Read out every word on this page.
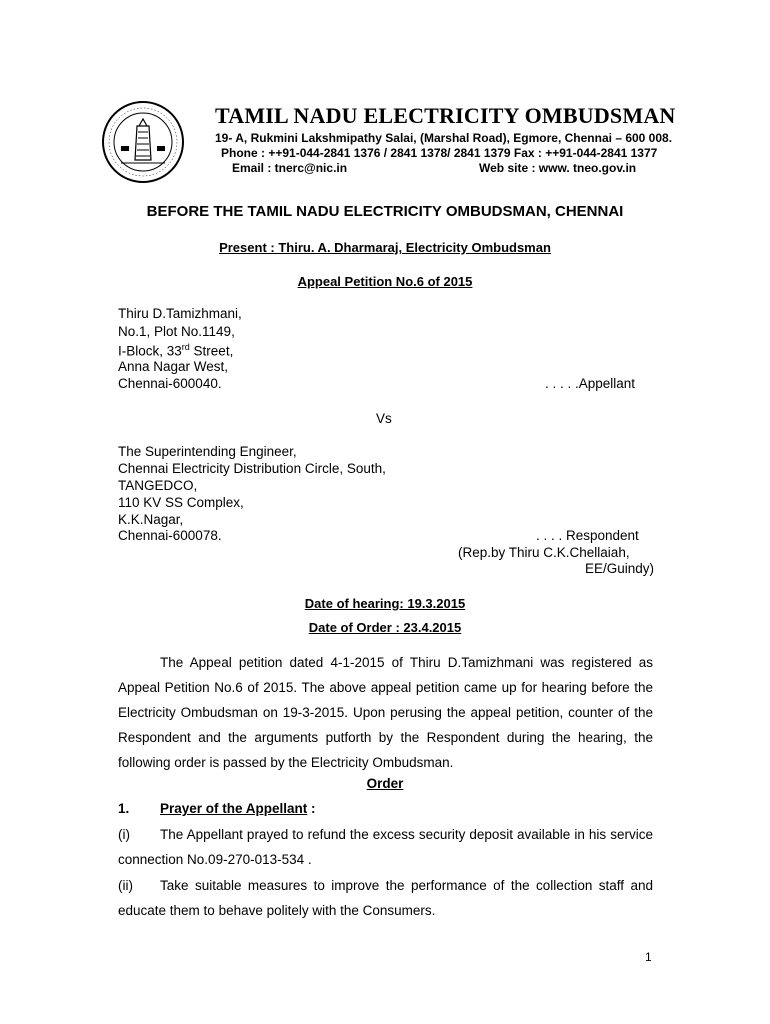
TAMIL NADU ELECTRICITY OMBUDSMAN
19- A, Rukmini Lakshmipathy Salai, (Marshal Road), Egmore, Chennai – 600 008.
Phone : ++91-044-2841 1376 / 2841 1378/ 2841 1379 Fax : ++91-044-2841 1377
Email : tnerc@nic.in	Web site : www. tneo.gov.in
BEFORE THE TAMIL NADU ELECTRICITY OMBUDSMAN, CHENNAI
Present : Thiru. A. Dharmaraj, Electricity Ombudsman
Appeal Petition No.6 of 2015
Thiru D.Tamizhmani,
No.1, Plot No.1149,
I-Block, 33rd Street,
Anna Nagar West,
Chennai-600040.	. . . . .Appellant
Vs
The Superintending Engineer,
Chennai Electricity Distribution Circle, South,
TANGEDCO,
110 KV SS Complex,
K.K.Nagar,
Chennai-600078.	. . . . Respondent
(Rep.by Thiru C.K.Chellaiah,
EE/Guindy)
Date of hearing: 19.3.2015
Date of Order : 23.4.2015
The Appeal petition dated 4-1-2015 of Thiru D.Tamizhmani was registered as Appeal Petition No.6 of 2015. The above appeal petition came up for hearing before the Electricity Ombudsman on 19-3-2015. Upon perusing the appeal petition, counter of the Respondent and the arguments putforth by the Respondent during the hearing, the following order is passed by the Electricity Ombudsman.
Order
1. Prayer of the Appellant :
(i) The Appellant prayed to refund the excess security deposit available in his service connection No.09-270-013-534 .
(ii) Take suitable measures to improve the performance of the collection staff and educate them to behave politely with the Consumers.
1
